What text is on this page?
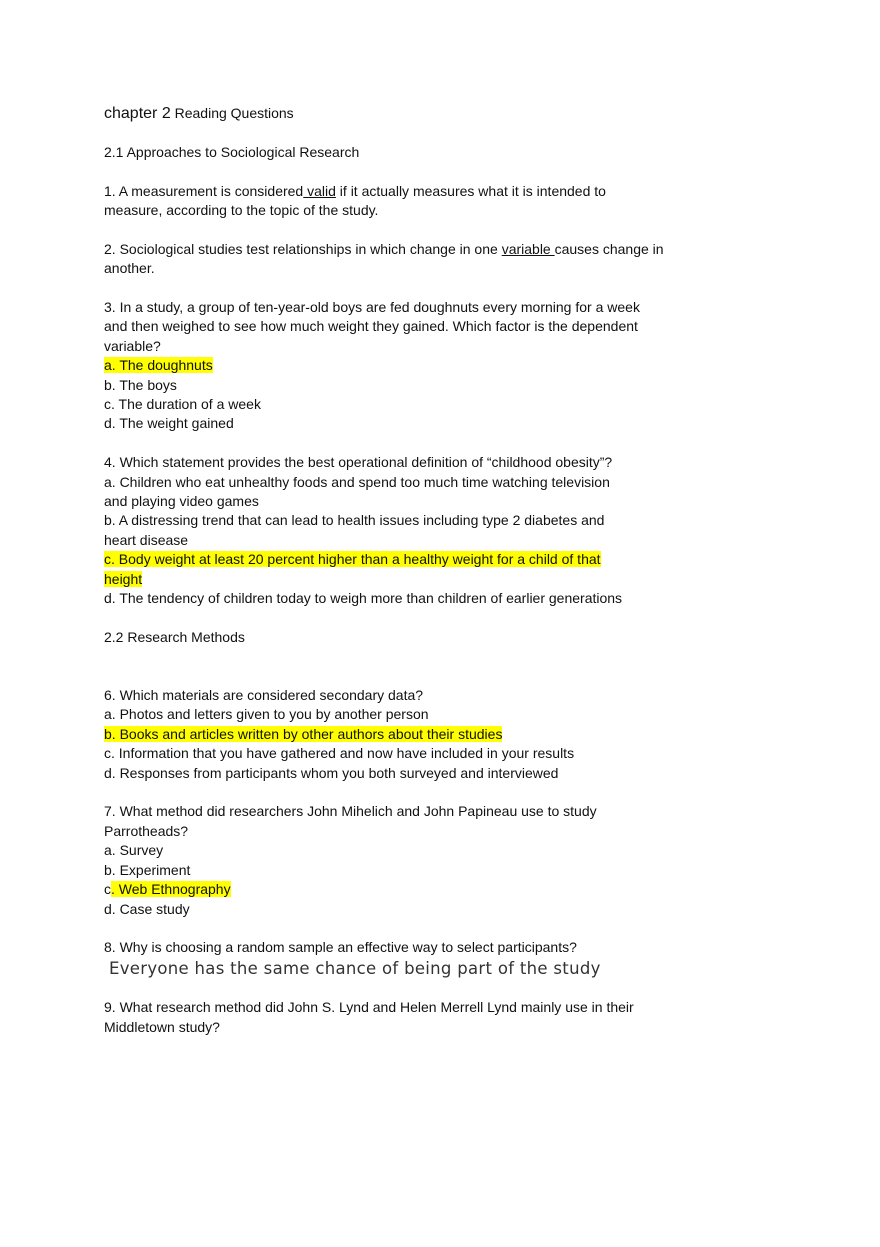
chapter 2 Reading Questions

2.1 Approaches to Sociological Research

1. A measurement is considered valid if it actually measures what it is intended to

measure, according to the topic of the study.

2. Sociological studies test relationships in which change in one variable causes change in

another.

3. In a study, a group of ten-year-old boys are fed doughnuts every morning for a week

and then weighed to see how much weight they gained. Which factor is the dependent

variable?

a. The doughnuts

b. The boys

c. The duration of a week

d. The weight gained

4. Which statement provides the best operational definition of “childhood obesity”?

a. Children who eat unhealthy foods and spend too much time watching television

and playing video games

b. A distressing trend that can lead to health issues including type 2 diabetes and

heart disease

c. Body weight at least 20 percent higher than a healthy weight for a child of that

height

d. The tendency of children today to weigh more than children of earlier generations

2.2 Research Methods

6. Which materials are considered secondary data?

a. Photos and letters given to you by another person

b. Books and articles written by other authors about their studies

c. Information that you have gathered and now have included in your results

d. Responses from participants whom you both surveyed and interviewed

7. What method did researchers John Mihelich and John Papineau use to study

Parrotheads?

a. Survey

b. Experiment

c. Web Ethnography

d. Case study

8. Why is choosing a random sample an effective way to select participants?

Everyone has the same chance of being part of the study

9. What research method did John S. Lynd and Helen Merrell Lynd mainly use in their

Middletown study?
